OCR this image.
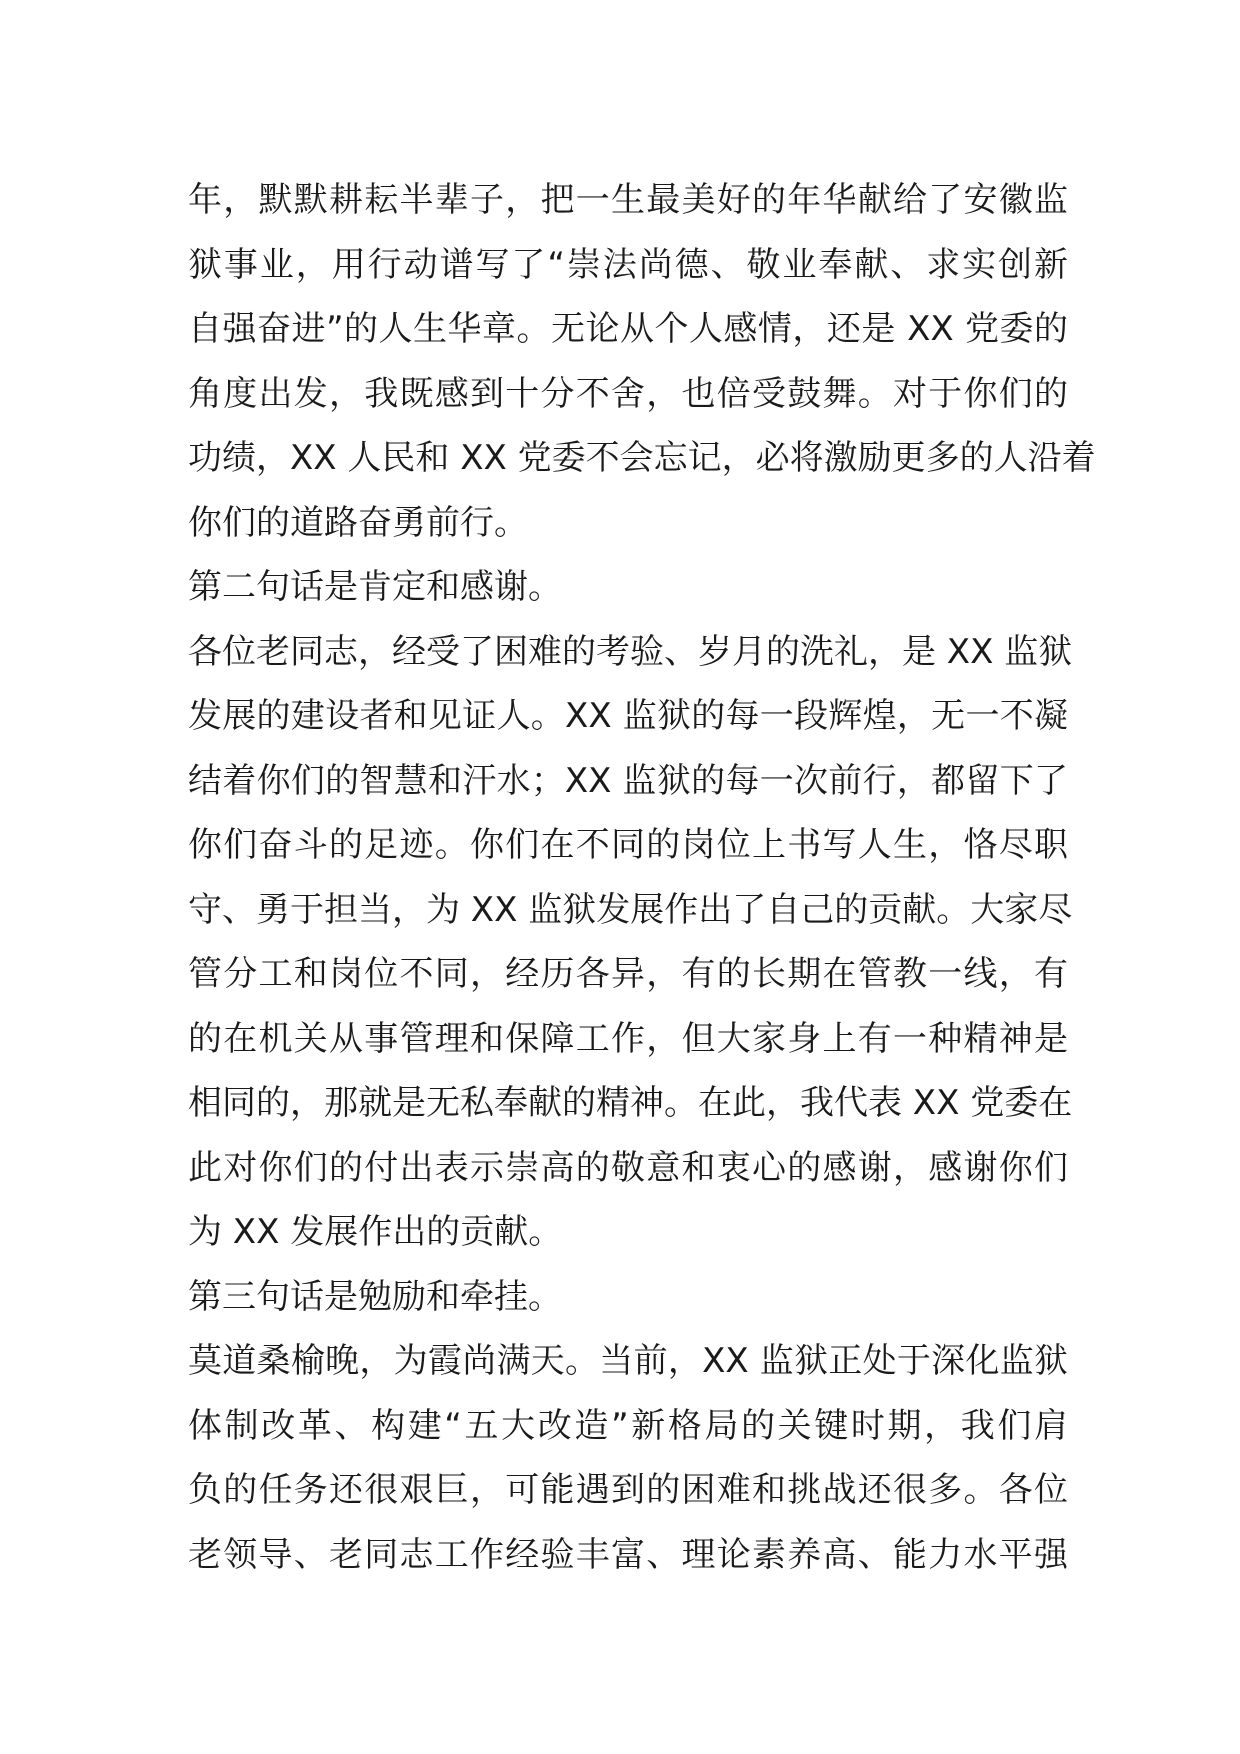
年，默默耕耘半辈子，把一生最美好的年华献给了安徽监
狱事业，用行动谱写了“崇法尚德、敬业奉献、求实创新
自强奋进”的人生华章。无论从个人感情，还是 XX 党委的
角度出发，我既感到十分不舍，也倍受鼓舞。对于你们的
功绩，XX 人民和 XX 党委不会忘记，必将激励更多的人沿着
你们的道路奋勇前行。
第二句话是肯定和感谢。
各位老同志，经受了困难的考验、岁月的洗礼，是 XX 监狱
发展的建设者和见证人。XX 监狱的每一段辉煌，无一不凝
结着你们的智慧和汗水；XX 监狱的每一次前行，都留下了
你们奋斗的足迹。你们在不同的岗位上书写人生，恪尽职
守、勇于担当，为 XX 监狱发展作出了自己的贡献。大家尽
管分工和岗位不同，经历各异，有的长期在管教一线，有
的在机关从事管理和保障工作，但大家身上有一种精神是
相同的，那就是无私奉献的精神。在此，我代表 XX 党委在
此对你们的付出表示崇高的敬意和衷心的感谢，感谢你们
为 XX 发展作出的贡献。
第三句话是勉励和牵挂。
莫道桑榆晚，为霞尚满天。当前，XX 监狱正处于深化监狱
体制改革、构建“五大改造”新格局的关键时期，我们肩
负的任务还很艰巨，可能遇到的困难和挑战还很多。各位
老领导、老同志工作经验丰富、理论素养高、能力水平强
